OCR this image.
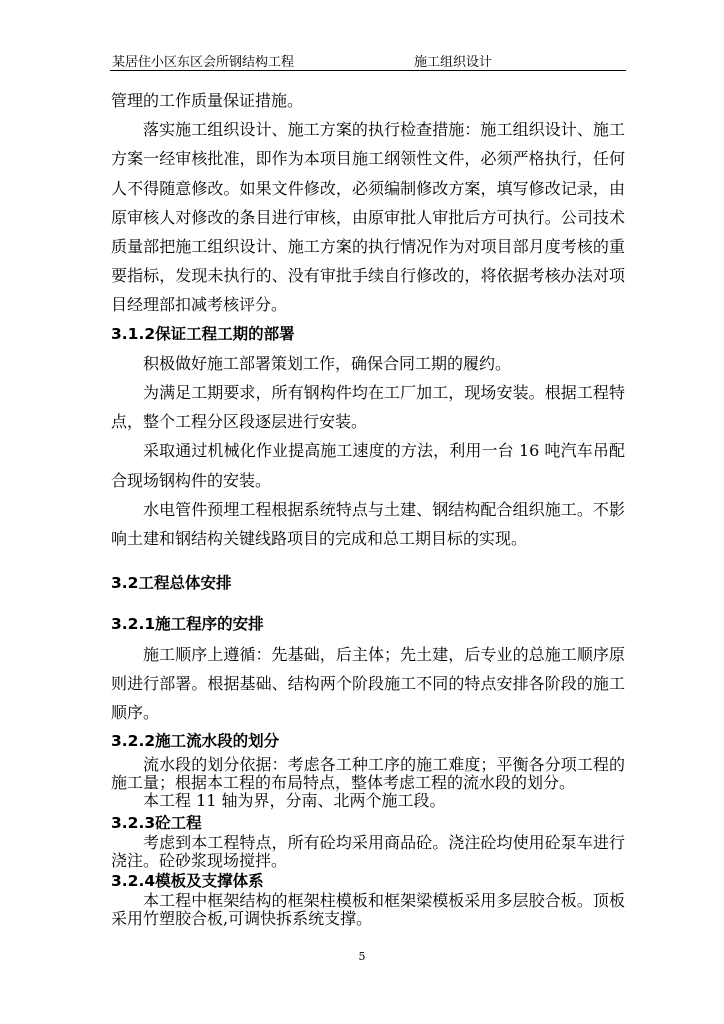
某居住小区东区会所钢结构工程	施工组织设计

管理的工作质量保证措施。

落实施工组织设计、施工方案的执行检查措施：施工组织设计、施工方案一经审核批准，即作为本项目施工纲领性文件，必须严格执行，任何人不得随意修改。如果文件修改，必须编制修改方案，填写修改记录，由原审核人对修改的条目进行审核，由原审批人审批后方可执行。公司技术质量部把施工组织设计、施工方案的执行情况作为对项目部月度考核的重要指标，发现未执行的、没有审批手续自行修改的，将依据考核办法对项目经理部扣减考核评分。

3.1.2保证工程工期的部署

积极做好施工部署策划工作，确保合同工期的履约。

为满足工期要求，所有钢构件均在工厂加工，现场安装。根据工程特点，整个工程分区段逐层进行安装。

采取通过机械化作业提高施工速度的方法，利用一台 16 吨汽车吊配合现场钢构件的安装。

水电管件预埋工程根据系统特点与土建、钢结构配合组织施工。不影响土建和钢结构关键线路项目的完成和总工期目标的实现。

3.2工程总体安排

3.2.1施工程序的安排

施工顺序上遵循：先基础，后主体；先土建，后专业的总施工顺序原则进行部署。根据基础、结构两个阶段施工不同的特点安排各阶段的施工顺序。

3.2.2施工流水段的划分

流水段的划分依据：考虑各工种工序的施工难度；平衡各分项工程的施工量；根据本工程的布局特点，整体考虑工程的流水段的划分。

本工程 11 轴为界，分南、北两个施工段。

3.2.3砼工程

考虑到本工程特点，所有砼均采用商品砼。浇注砼均使用砼泵车进行浇注。砼砂浆现场搅拌。

3.2.4模板及支撑体系

本工程中框架结构的框架柱模板和框架梁模板采用多层胶合板。顶板采用竹塑胶合板,可调快拆系统支撑。

5
